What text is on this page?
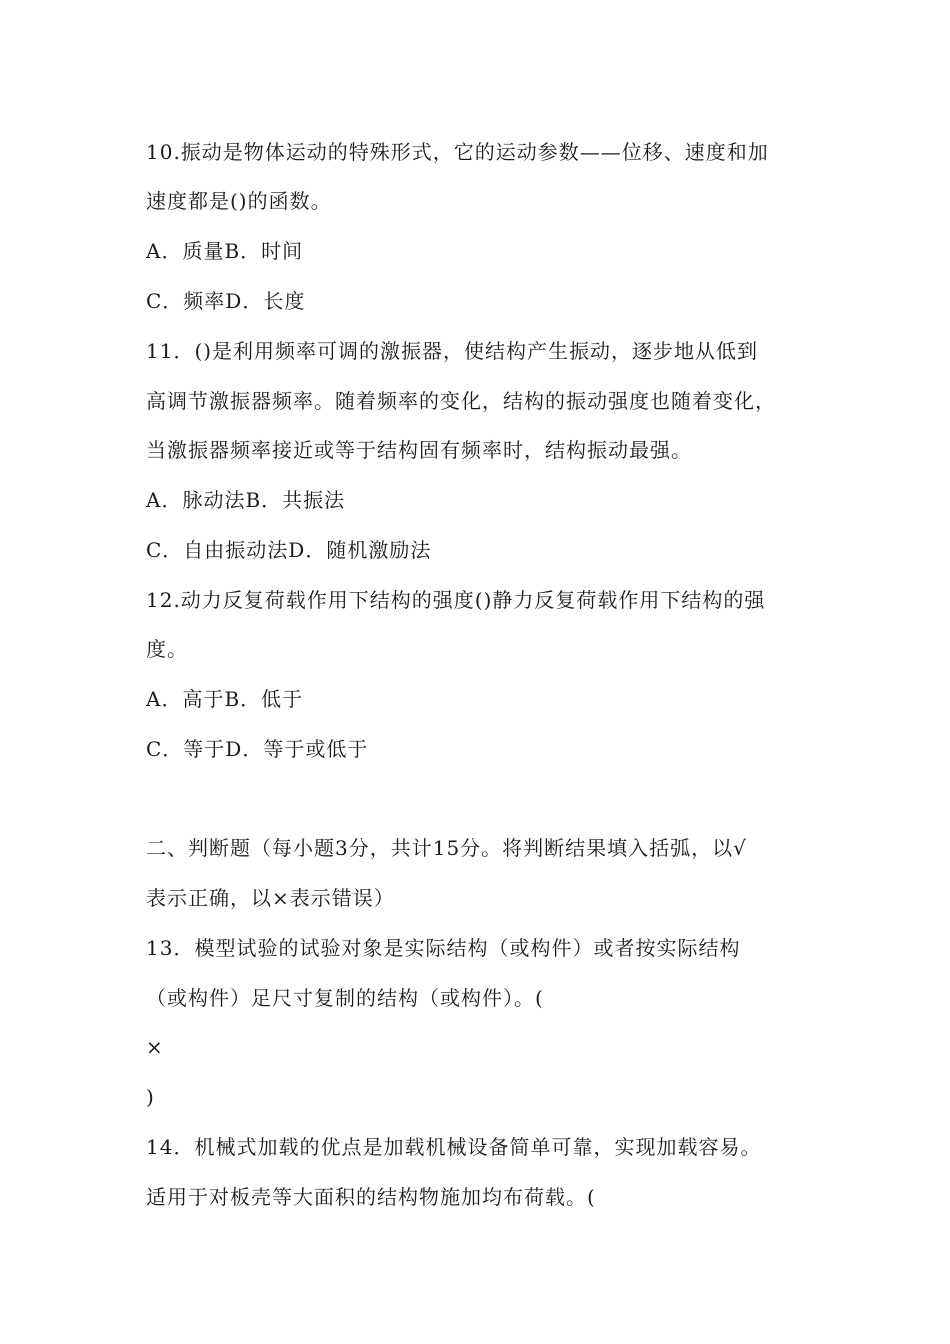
10.振动是物体运动的特殊形式，它的运动参数——位移、速度和加
速度都是()的函数。
A．质量B．时间
C．频率D．长度
11．()是利用频率可调的激振器，使结构产生振动，逐步地从低到
高调节激振器频率。随着频率的变化，结构的振动强度也随着变化，
当激振器频率接近或等于结构固有频率时，结构振动最强。
A．脉动法B．共振法
C．自由振动法D．随机激励法
12.动力反复荷载作用下结构的强度()静力反复荷载作用下结构的强
度。
A．高于B．低于
C．等于D．等于或低于
二、判断题（每小题3分，共计15分。将判断结果填入括弧，以√
表示正确，以×表示错误）
13．模型试验的试验对象是实际结构（或构件）或者按实际结构
（或构件）足尺寸复制的结构（或构件）。(
×
)
14．机械式加载的优点是加载机械设备简单可靠，实现加载容易。
适用于对板壳等大面积的结构物施加均布荷载。(
